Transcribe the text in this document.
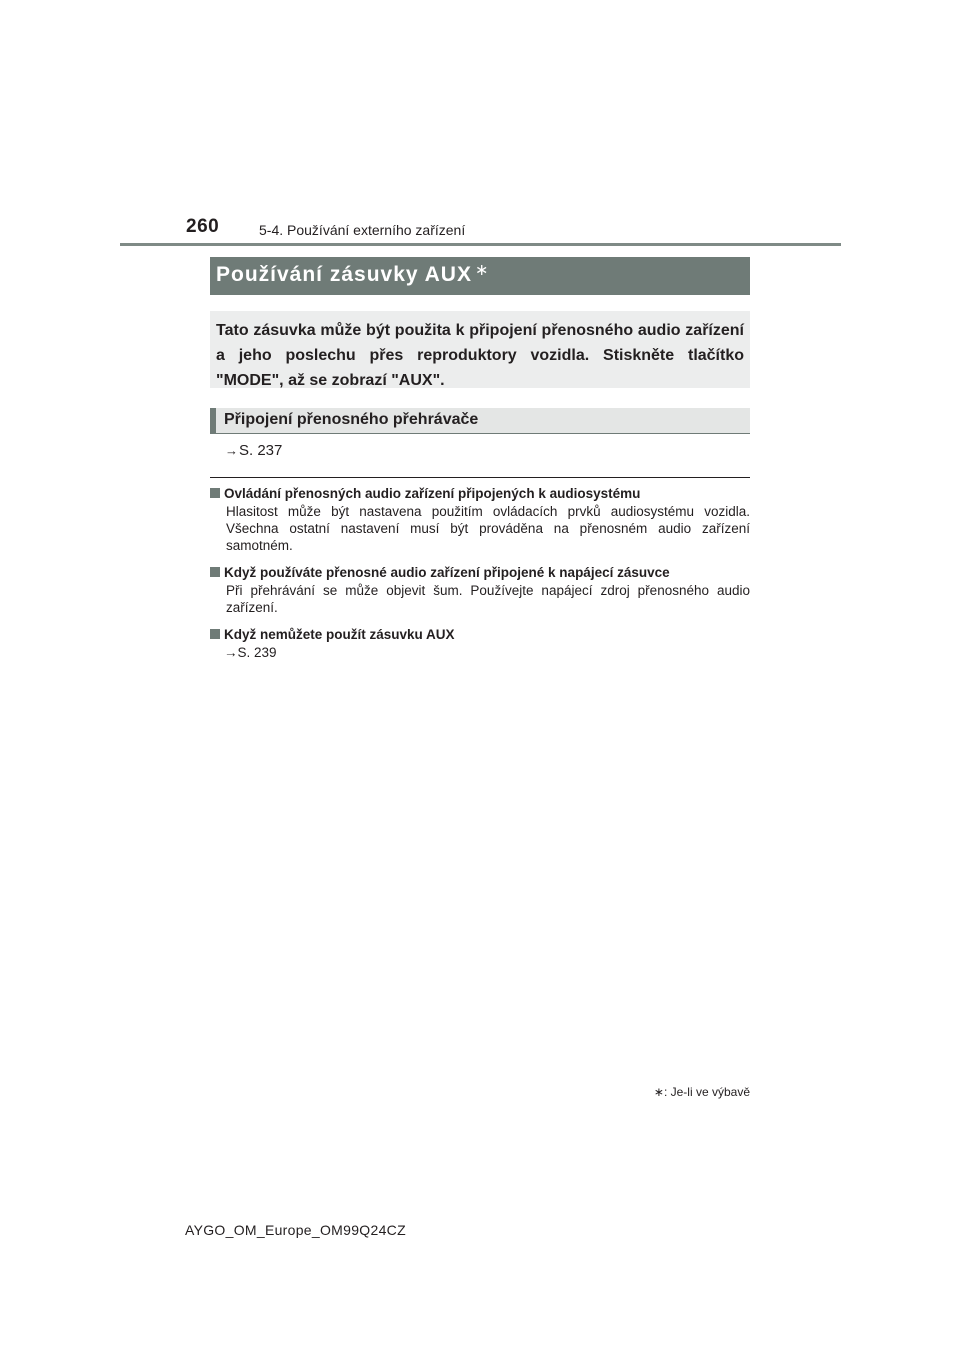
260	5-4. Používání externího zařízení
Používání zásuvky AUX ∗
Tato zásuvka může být použita k připojení přenosného audio zařízení a jeho poslechu přes reproduktory vozidla. Stiskněte tlačítko "MODE", až se zobrazí "AUX".
Připojení přenosného přehrávače
→S. 237
Ovládání přenosných audio zařízení připojených k audiosystému
Hlasitost může být nastavena použitím ovládacích prvků audiosystému vozidla. Všechna ostatní nastavení musí být prováděna na přenosném audio zařízení samotném.
Když používáte přenosné audio zařízení připojené k napájecí zásuvce
Při přehrávání se může objevit šum. Používejte napájecí zdroj přenosného audio zařízení.
Když nemůžete použít zásuvku AUX
→S. 239
∗: Je-li ve výbavě
AYGO_OM_Europe_OM99Q24CZ
